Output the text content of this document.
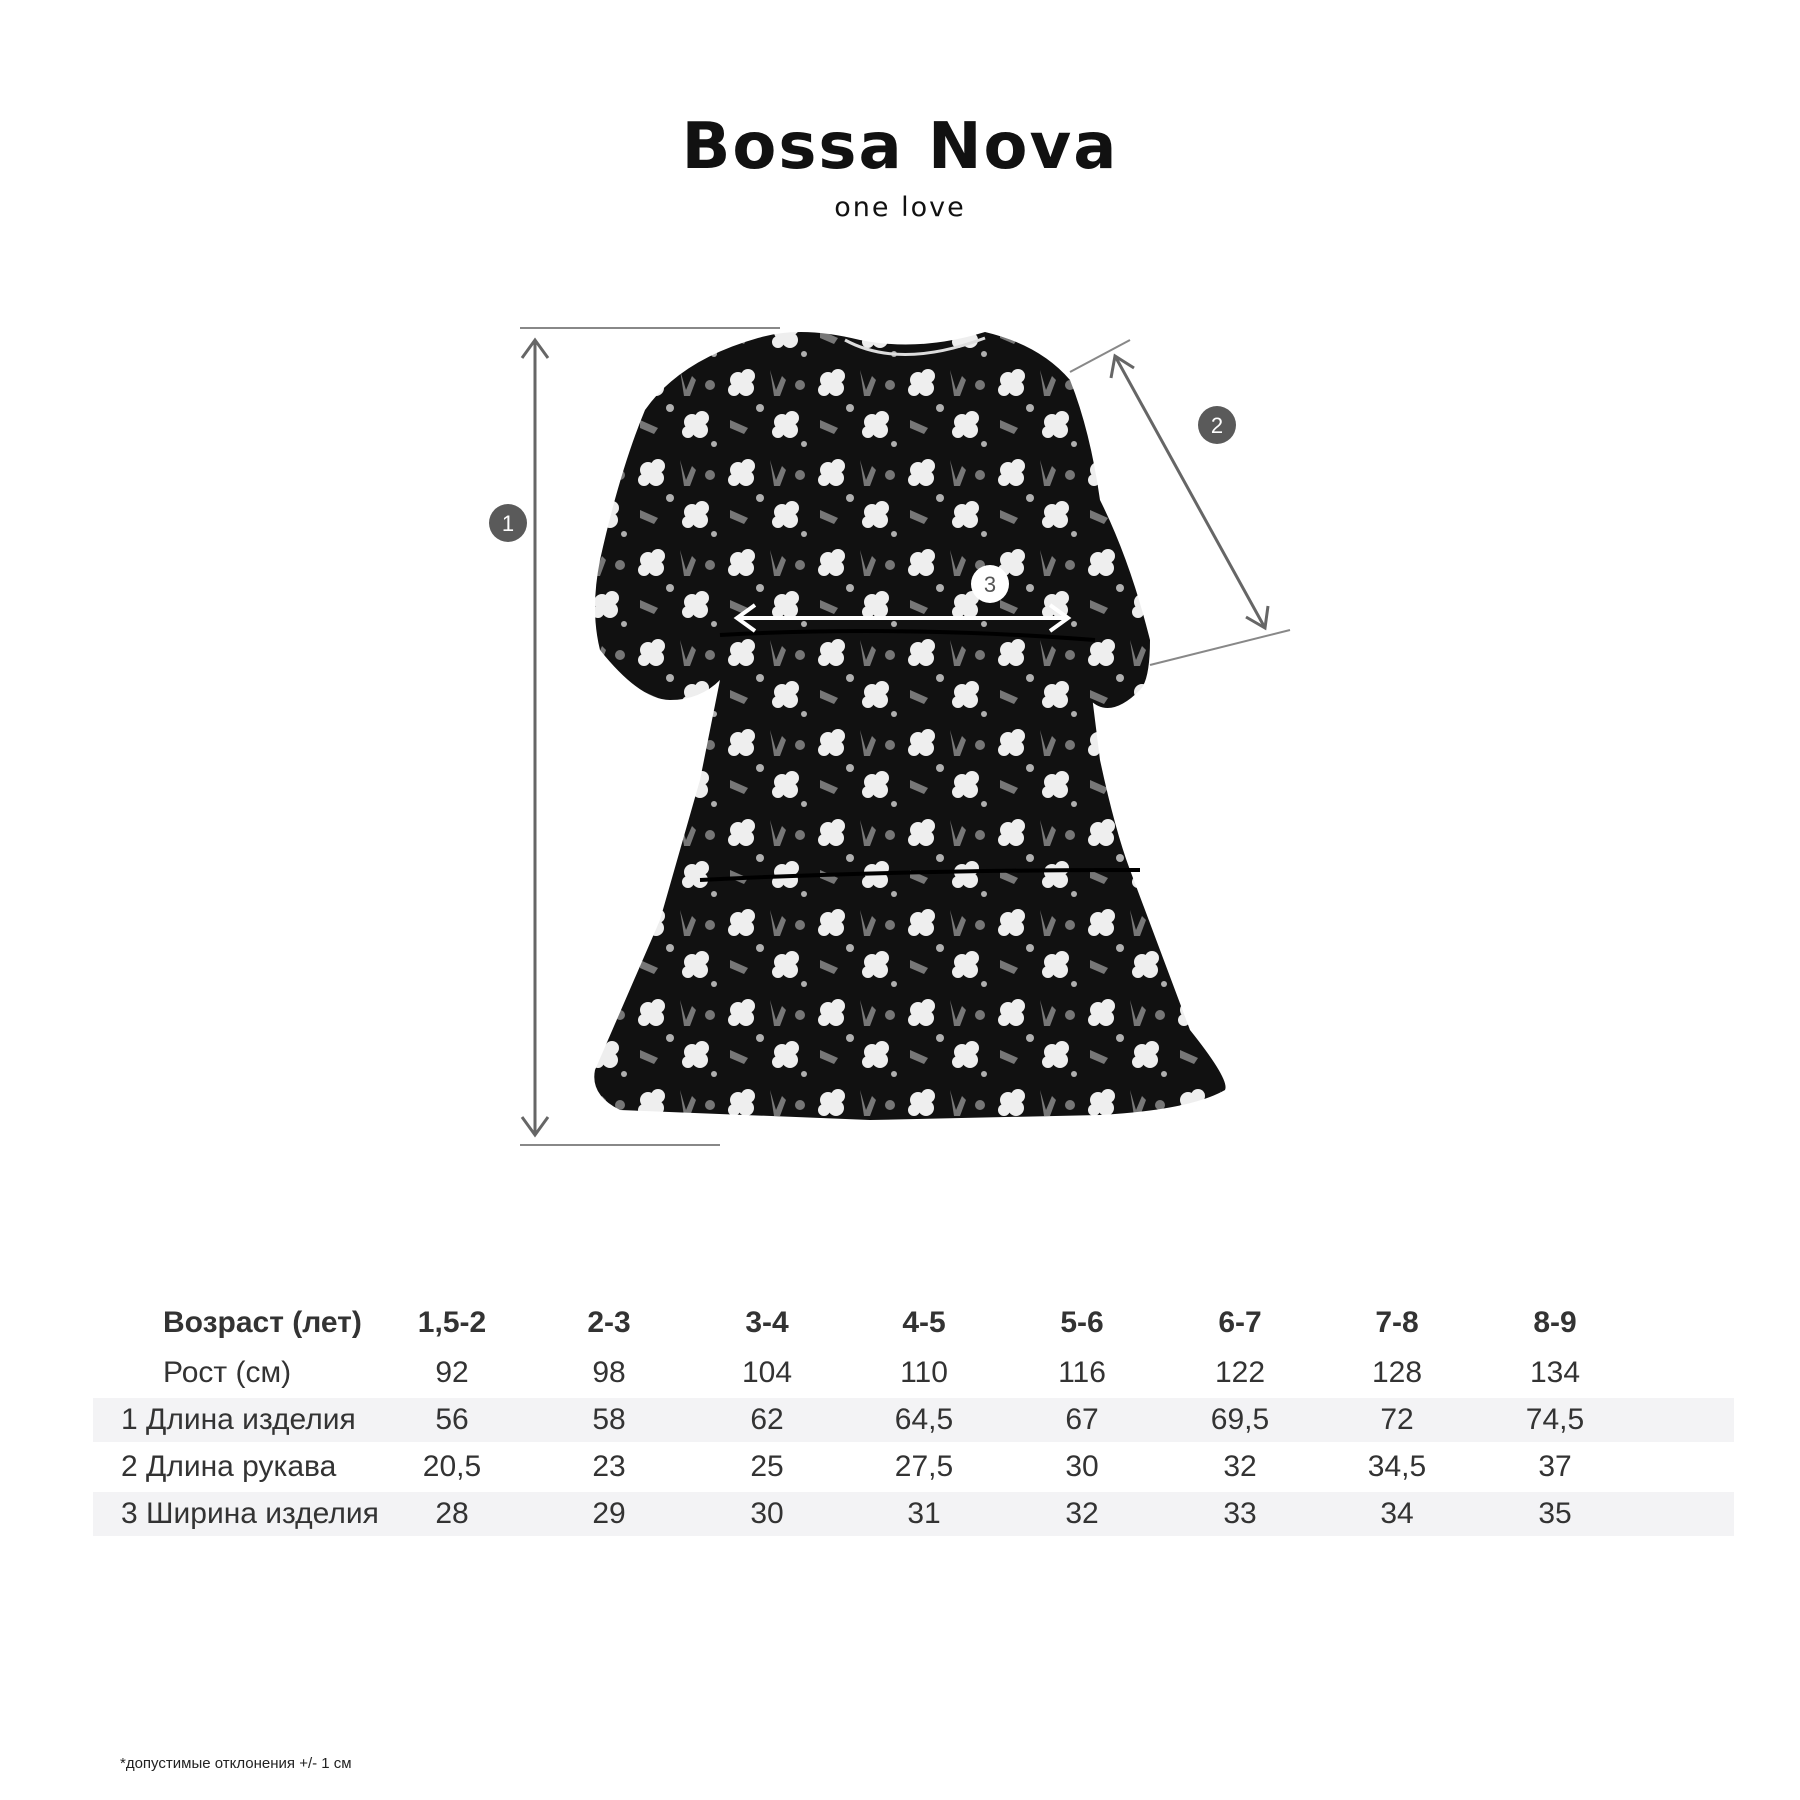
Bossa Nova
one love
1
2
3
Возраст (лет)	1,5-2	2-3	3-4	4-5	5-6	6-7	7-8	8-9
Рост (см)	92	98	104	110	116	122	128	134
1 Длина изделия	56	58	62	64,5	67	69,5	72	74,5
2 Длина рукава	20,5	23	25	27,5	30	32	34,5	37
3 Ширина изделия	28	29	30	31	32	33	34	35
*допустимые отклонения +/- 1 см
